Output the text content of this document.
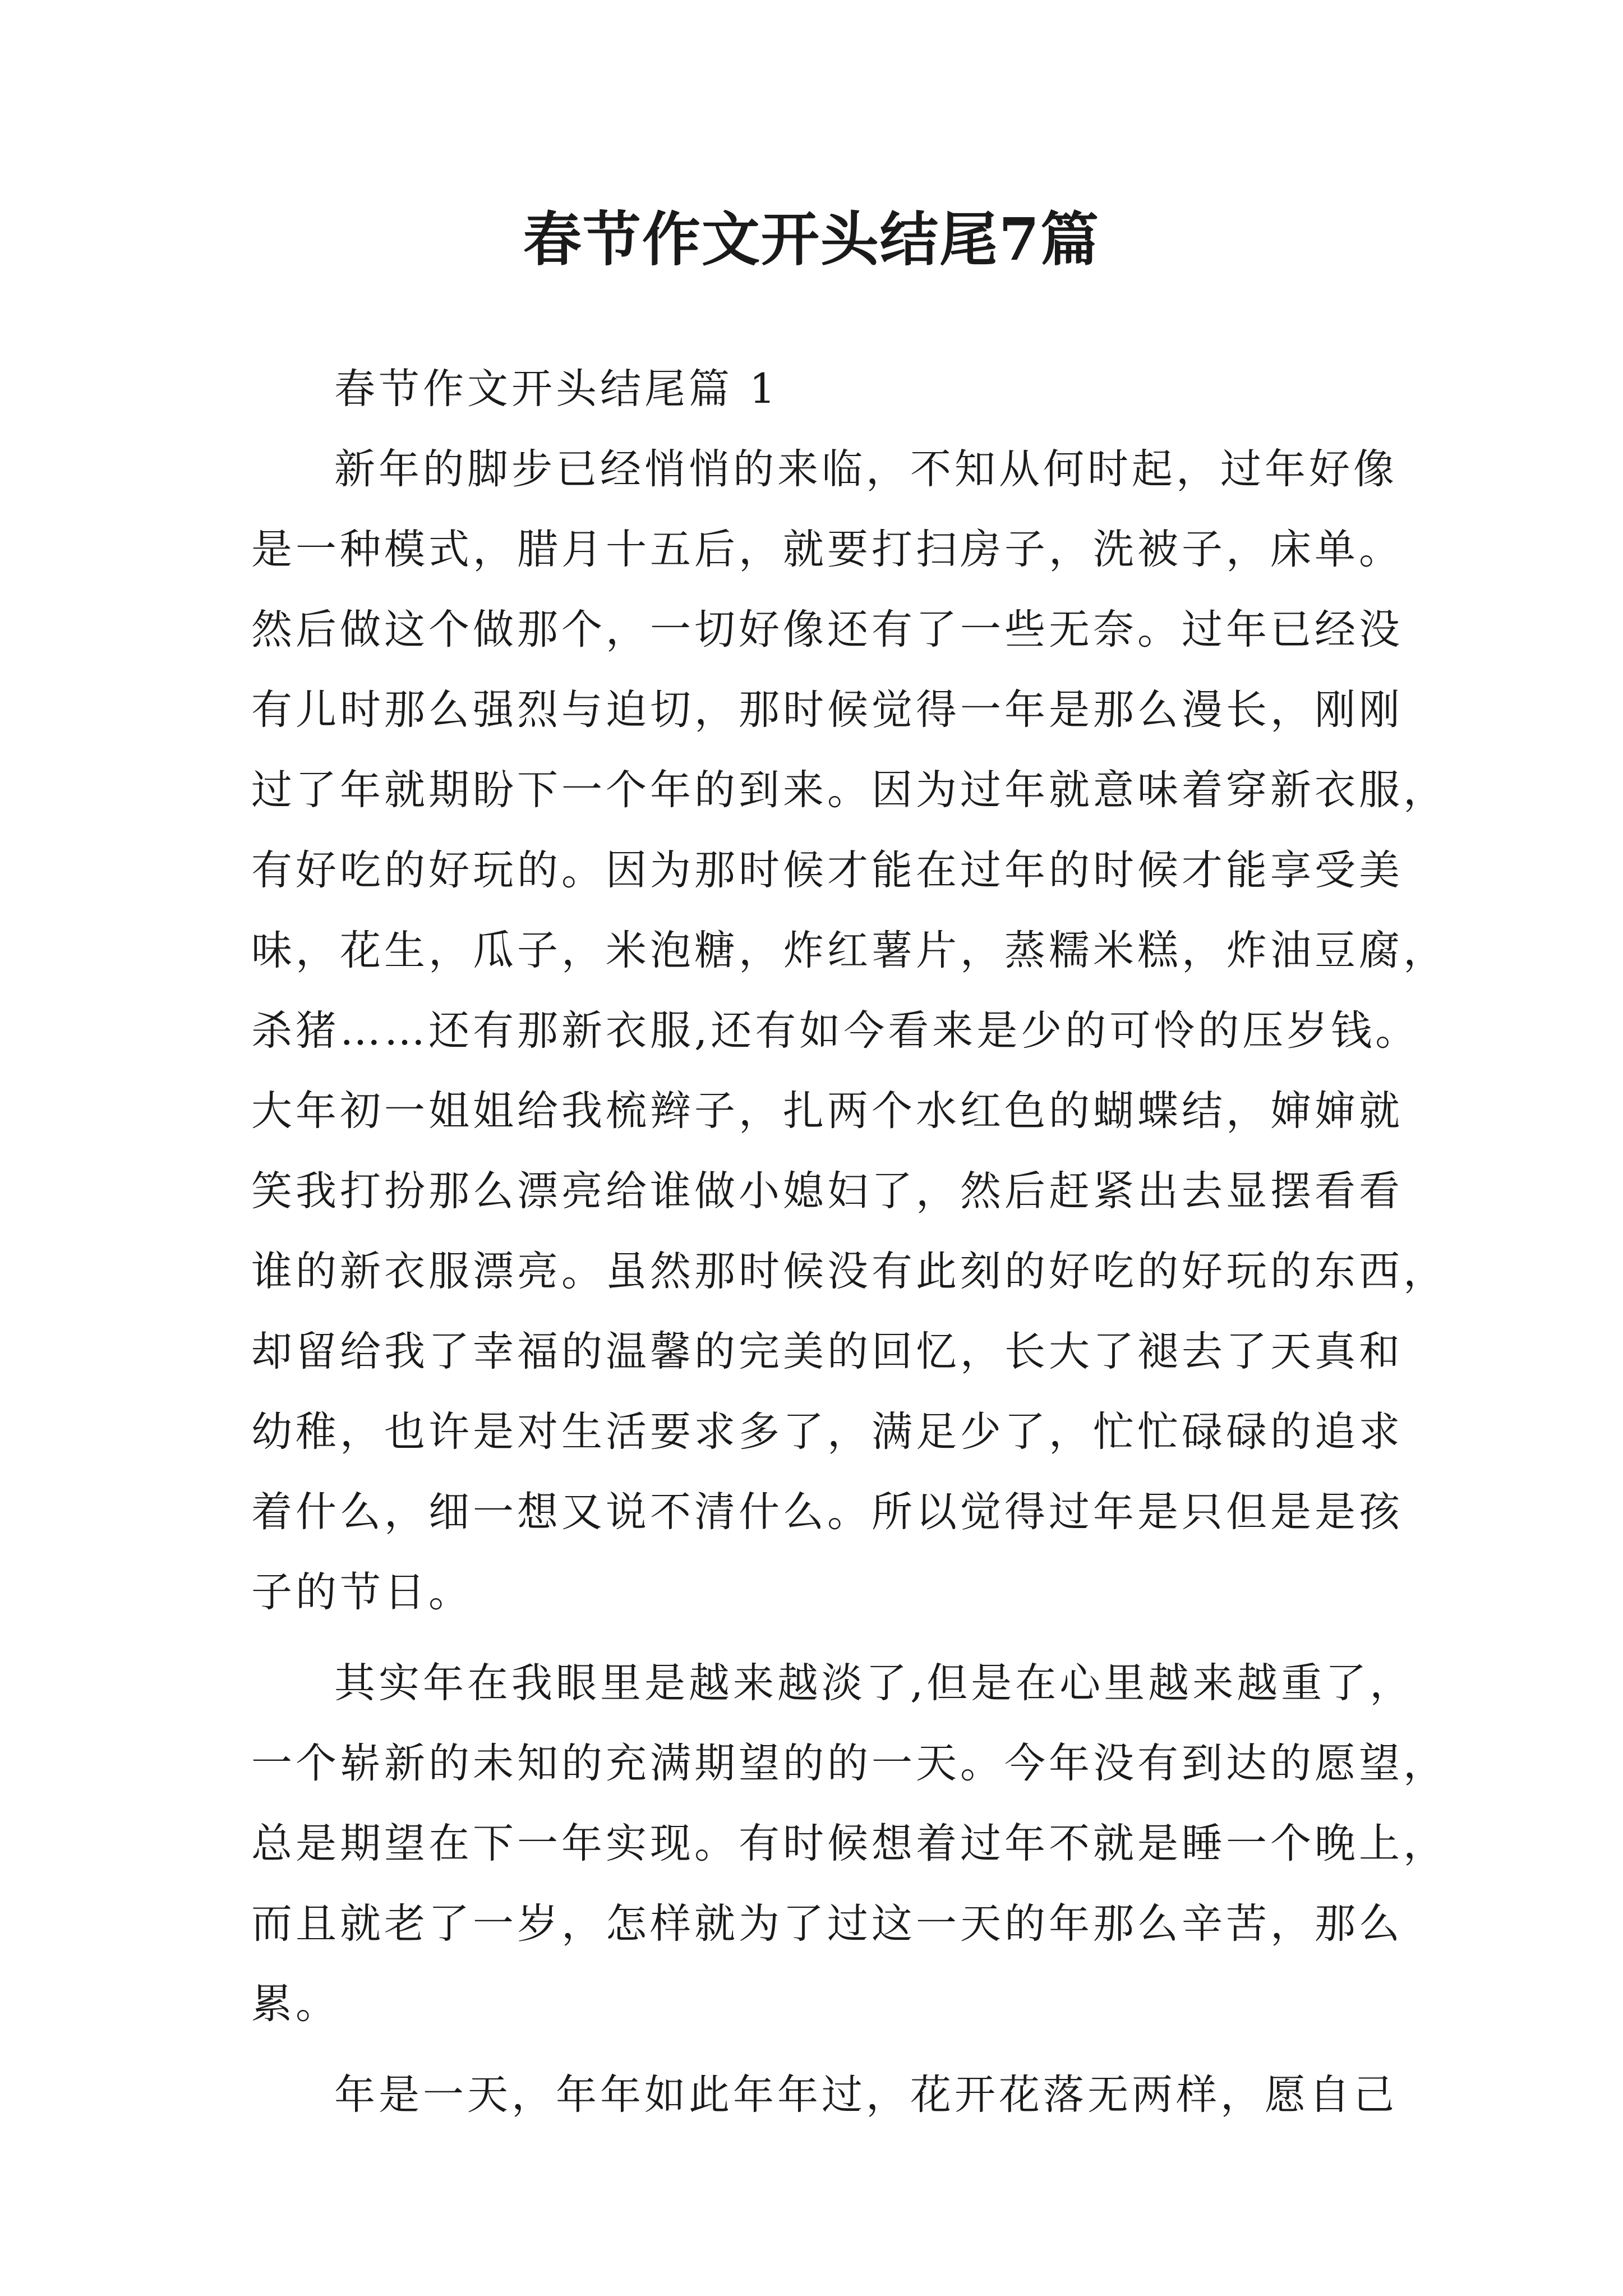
春节作文开头结尾7篇
春节作文开头结尾篇 1
新年的脚步已经悄悄的来临，不知从何时起，过年好像
是一种模式，腊月十五后，就要打扫房子，洗被子，床单。
然后做这个做那个，一切好像还有了一些无奈。过年已经没
有儿时那么强烈与迫切，那时候觉得一年是那么漫长，刚刚
过了年就期盼下一个年的到来。因为过年就意味着穿新衣服，
有好吃的好玩的。因为那时候才能在过年的时候才能享受美
味，花生，瓜子，米泡糖，炸红薯片，蒸糯米糕，炸油豆腐，
杀猪……还有那新衣服,还有如今看来是少的可怜的压岁钱。
大年初一姐姐给我梳辫子，扎两个水红色的蝴蝶结，婶婶就
笑我打扮那么漂亮给谁做小媳妇了，然后赶紧出去显摆看看
谁的新衣服漂亮。虽然那时候没有此刻的好吃的好玩的东西，
却留给我了幸福的温馨的完美的回忆，长大了褪去了天真和
幼稚，也许是对生活要求多了，满足少了，忙忙碌碌的追求
着什么，细一想又说不清什么。所以觉得过年是只但是是孩
子的节日。
其实年在我眼里是越来越淡了,但是在心里越来越重了，
一个崭新的未知的充满期望的的一天。今年没有到达的愿望，
总是期望在下一年实现。有时候想着过年不就是睡一个晚上，
而且就老了一岁，怎样就为了过这一天的年那么辛苦，那么
累。
年是一天，年年如此年年过，花开花落无两样，愿自己
